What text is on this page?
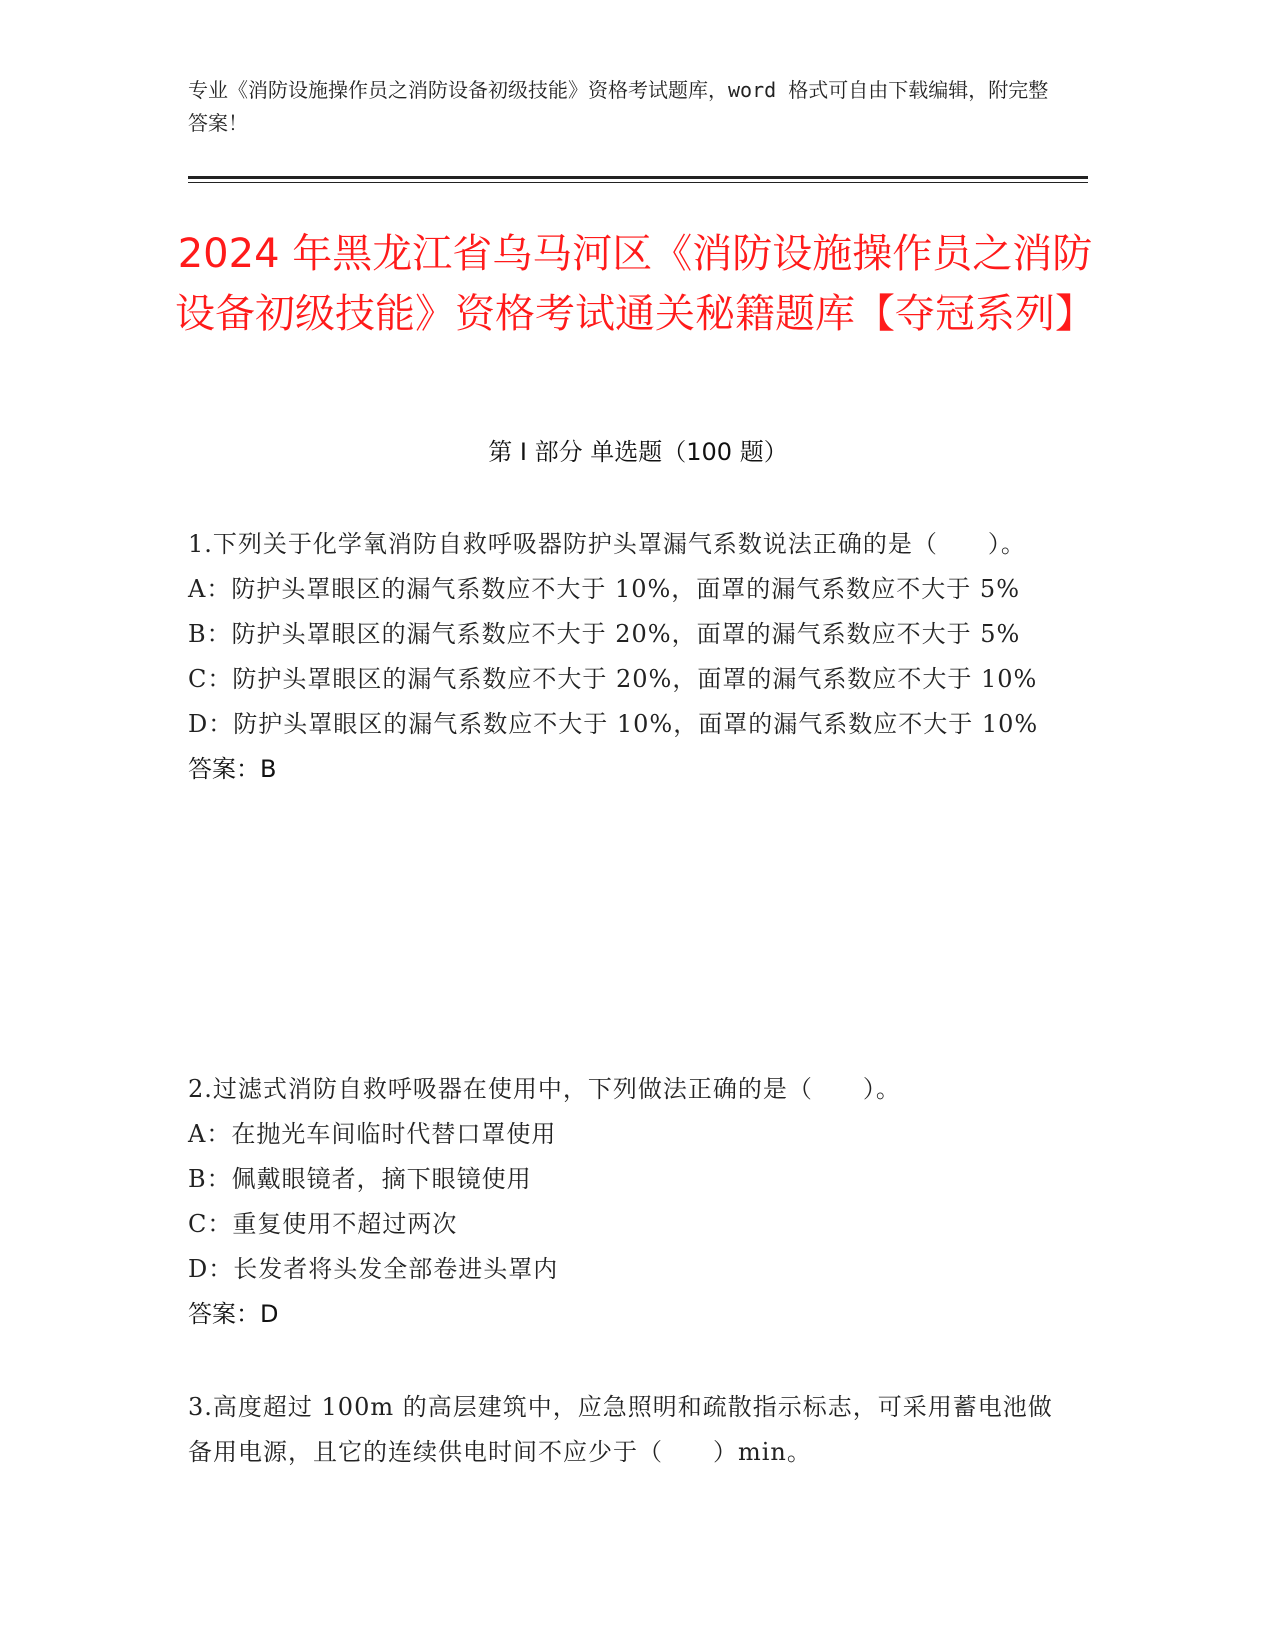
专业《消防设施操作员之消防设备初级技能》资格考试题库，word 格式可自由下载编辑，附完整答案！
2024 年黑龙江省乌马河区《消防设施操作员之消防设备初级技能》资格考试通关秘籍题库【夺冠系列】
第 I 部分 单选题（100 题）
1.下列关于化学氧消防自救呼吸器防护头罩漏气系数说法正确的是（　　）。
A：防护头罩眼区的漏气系数应不大于 10%，面罩的漏气系数应不大于 5%
B：防护头罩眼区的漏气系数应不大于 20%，面罩的漏气系数应不大于 5%
C：防护头罩眼区的漏气系数应不大于 20%，面罩的漏气系数应不大于 10%
D：防护头罩眼区的漏气系数应不大于 10%，面罩的漏气系数应不大于 10%
答案：B
2.过滤式消防自救呼吸器在使用中，下列做法正确的是（　　）。
A：在抛光车间临时代替口罩使用
B：佩戴眼镜者，摘下眼镜使用
C：重复使用不超过两次
D：长发者将头发全部卷进头罩内
答案：D
3.高度超过 100m 的高层建筑中，应急照明和疏散指示标志，可采用蓄电池做备用电源，且它的连续供电时间不应少于（　　）min。
